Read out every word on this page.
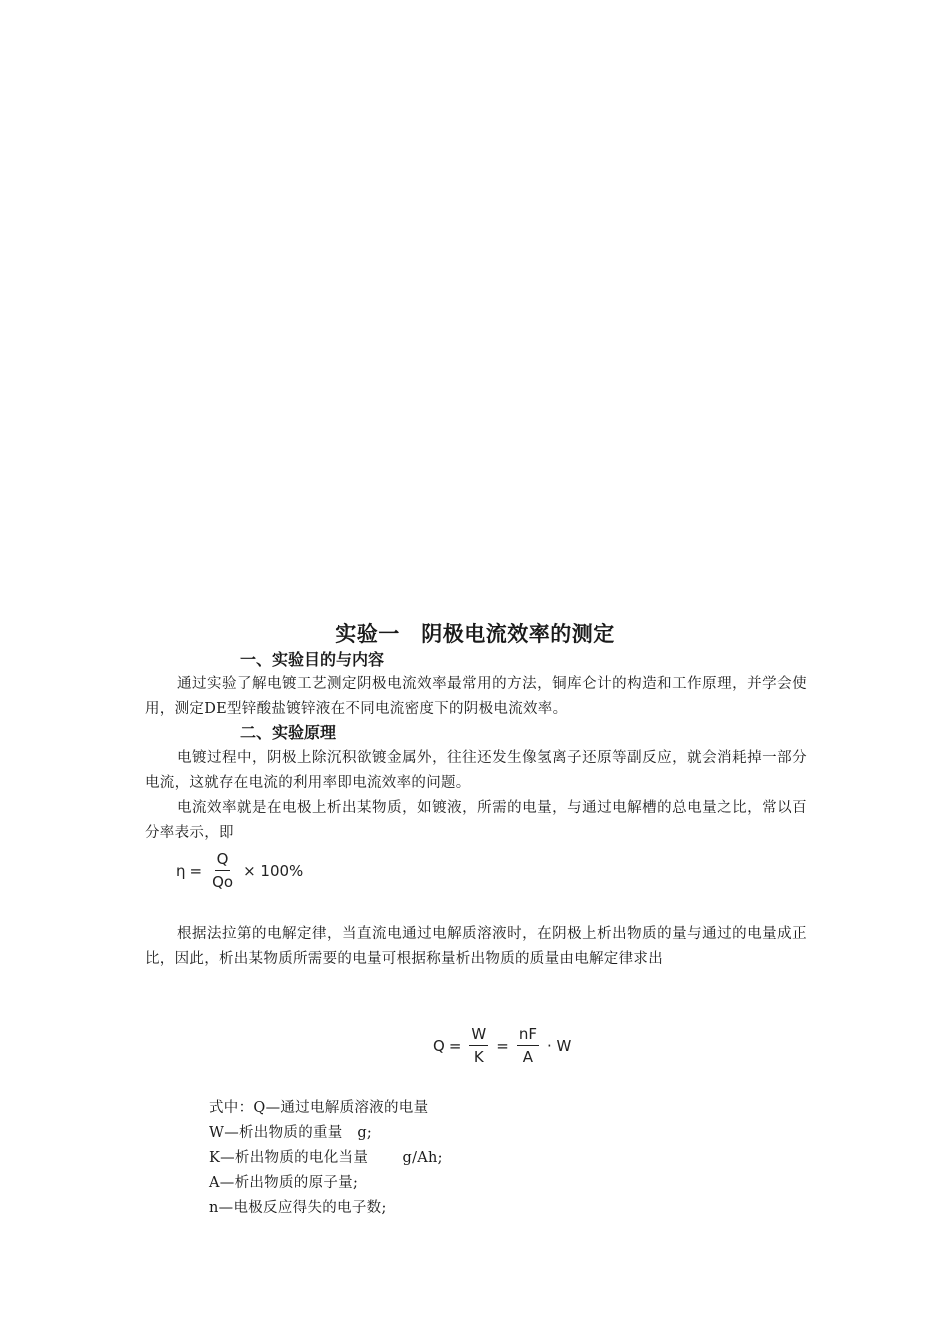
实验一　阴极电流效率的测定
一、实验目的与内容
通过实验了解电镀工艺测定阴极电流效率最常用的方法，铜库仑计的构造和工作原理，并学会使用，测定DE型锌酸盐镀锌液在不同电流密度下的阴极电流效率。
二、实验原理
电镀过程中，阴极上除沉积欲镀金属外，往往还发生像氢离子还原等副反应，就会消耗掉一部分电流，这就存在电流的利用率即电流效率的问题。
电流效率就是在电极上析出某物质，如镀液，所需的电量，与通过电解槽的总电量之比，常以百分率表示，即
$\eta = \frac{Q}{Qo} \times 100\%$
根据法拉第的电解定律，当直流电通过电解质溶液时，在阴极上析出物质的量与通过的电量成正比，因此，析出某物质所需要的电量可根据称量析出物质的质量由电解定律求出
$Q = \frac{W}{K} = \frac{nF}{A} \cdot W$
式中：Q—通过电解质溶液的电量
W—析出物质的重量   g;
K—析出物质的电化当量       g/Ah;
A—析出物质的原子量;
n—电极反应得失的电子数;
